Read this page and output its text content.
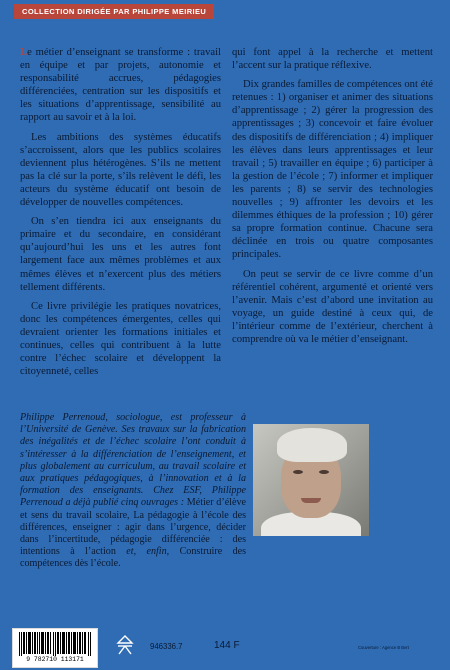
COLLECTION DIRIGÉE PAR PHILIPPE MEIRIEU

Le métier d’enseignant se transforme : travail en équipe et par projets, autonomie et responsabilité accrues, pédagogies différenciées, centration sur les dispositifs et les situations d’apprentissage, sensibilité au rapport au savoir et à la loi.

Les ambitions des systèmes éducatifs s’accroissent, alors que les publics scolaires deviennent plus hétérogènes. S’ils ne mettent pas la clé sur la porte, s’ils relèvent le défi, les acteurs du système éducatif ont besoin de développer de nouvelles compétences.

On s’en tiendra ici aux enseignants du primaire et du secondaire, en considérant qu’aujourd’hui les uns et les autres font largement face aux mêmes problèmes et aux mêmes élèves et n’exercent plus des métiers tellement différents.

Ce livre privilégie les pratiques novatrices, donc les compétences émergentes, celles qui devraient orienter les formations initiales et continues, celles qui contribuent à la lutte contre l’échec scolaire et développent la citoyenneté, celles

qui font appel à la recherche et mettent l’accent sur la pratique réflexive.

Dix grandes familles de compétences ont été retenues : 1) organiser et animer des situations d’apprentissage ; 2) gérer la progression des apprentissages ; 3) concevoir et faire évoluer des dispositifs de différenciation ; 4) impliquer les élèves dans leurs apprentissages et leur travail ; 5) travailler en équipe ; 6) participer à la gestion de l’école ; 7) informer et impliquer les parents ; 8) se servir des technologies nouvelles ; 9) affronter les devoirs et les dilemmes éthiques de la profession ; 10) gérer sa propre formation continue. Chacune sera déclinée en trois ou quatre composantes principales.

On peut se servir de ce livre comme d’un référentiel cohérent, argumenté et orienté vers l’avenir. Mais c’est d’abord une invitation au voyage, un guide destiné à ceux qui, de l’intérieur comme de l’extérieur, cherchent à comprendre où va le métier d’enseignant.

Philippe Perrenoud, sociologue, est professeur à l’Université de Genève. Ses travaux sur la fabrication des inégalités et de l’échec scolaire l’ont conduit à s’intéresser à la différenciation de l’enseignement, et plus globalement au curriculum, au travail scolaire et aux pratiques pédagogiques, à l’innovation et à la formation des enseignants. Chez ESF, Philippe Perrenoud a déjà publié cinq ouvrages : Métier d’élève et sens du travail scolaire, La pédagogie à l’école des différences, enseigner : agir dans l’urgence, décider dans l’incertitude, pédagogie différenciée : des intentions à l’action et, enfin, Construire des compétences dès l’école.

9 782710 113171
946336.7	144 F	Couverture : Agence B Bert
